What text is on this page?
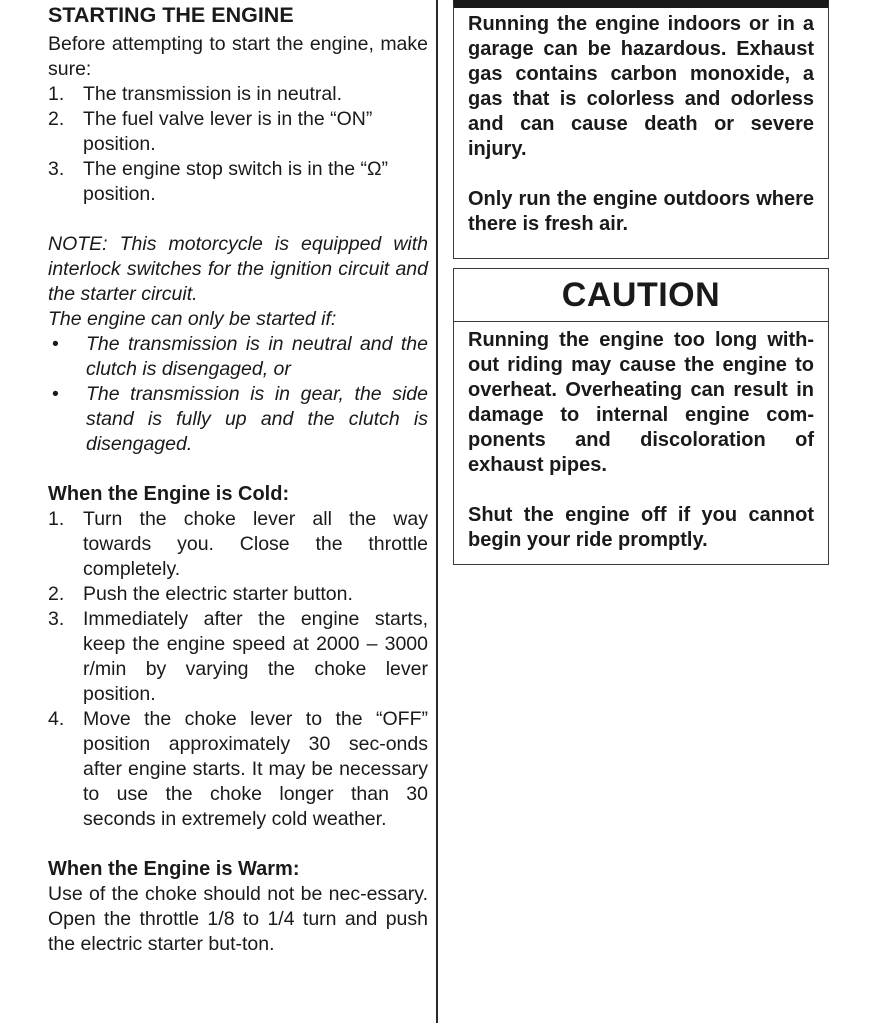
STARTING THE ENGINE

Before attempting to start the engine, make sure:

1. The transmission is in neutral.
2. The fuel valve lever is in the “ON” position.
3. The engine stop switch is in the “Ω” position.

NOTE: This motorcycle is equipped with interlock switches for the ignition circuit and the starter circuit.

The engine can only be started if:

• The transmission is in neutral and the clutch is disengaged, or
• The transmission is in gear, the side stand is fully up and the clutch is disengaged.
When the Engine is Cold:
1. Turn the choke lever all the way towards you. Close the throttle completely.
2. Push the electric starter button.
3. Immediately after the engine starts, keep the engine speed at 2000 – 3000 r/min by varying the choke lever position.
4. Move the choke lever to the “OFF” position approximately 30 sec-onds after engine starts. It may be necessary to use the choke longer than 30 seconds in extremely cold weather.
When the Engine is Warm:

Use of the choke should not be nec-essary. Open the throttle 1/8 to 1/4 turn and push the electric starter but-ton.

Running the engine indoors or in a garage can be hazardous. Exhaust gas contains carbon monoxide, a gas that is colorless and odorless and can cause death or severe injury.

Only run the engine outdoors where there is fresh air.

CAUTION

Running the engine too long with-out riding may cause the engine to overheat. Overheating can result in damage to internal engine com-ponents and discoloration of exhaust pipes.

Shut the engine off if you cannot begin your ride promptly.
